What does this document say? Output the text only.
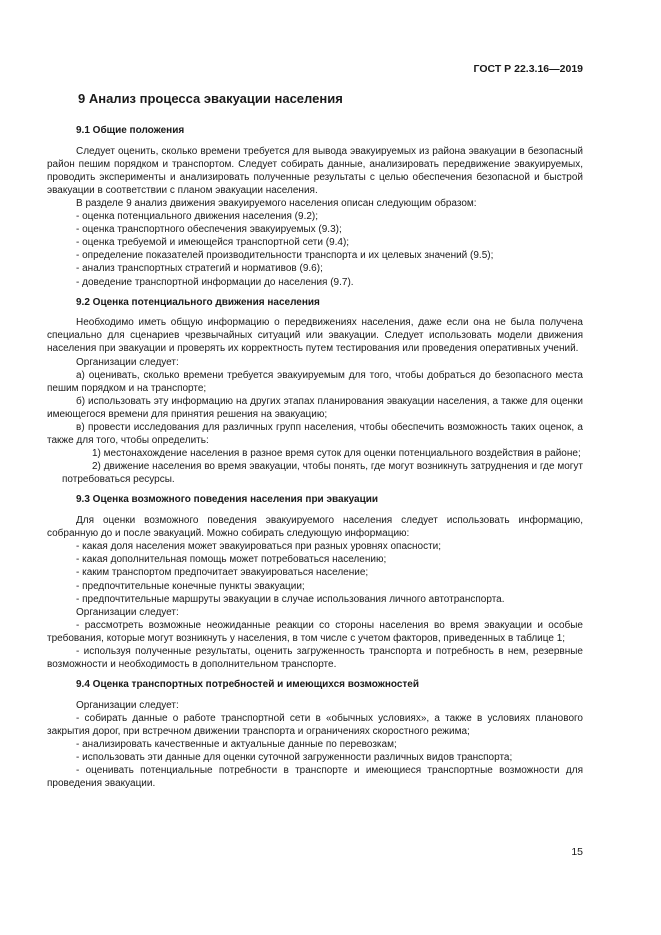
ГОСТ Р 22.3.16—2019
9 Анализ процесса эвакуации населения

9.1 Общие положения

Следует оценить, сколько времени требуется для вывода эвакуируемых из района эвакуации в безопасный район пешим порядком и транспортом. Следует собирать данные, анализировать передвижение эвакуируемых, проводить эксперименты и анализировать полученные результаты с целью обеспечения безопасной и быстрой эвакуации в соответствии с планом эвакуации населения.

В разделе 9 анализ движения эвакуируемого населения описан следующим образом:

- оценка потенциального движения населения (9.2);

- оценка транспортного обеспечения эвакуируемых (9.3);

- оценка требуемой и имеющейся транспортной сети (9.4);

- определение показателей производительности транспорта и их целевых значений (9.5);

- анализ транспортных стратегий и нормативов (9.6);

- доведение транспортной информации до населения (9.7).

9.2 Оценка потенциального движения населения

Необходимо иметь общую информацию о передвижениях населения, даже если она не была получена специально для сценариев чрезвычайных ситуаций или эвакуации. Следует использовать модели движения населения при эвакуации и проверять их корректность путем тестирования или проведения оперативных учений.

Организации следует:

а) оценивать, сколько времени требуется эвакуируемым для того, чтобы добраться до безопасного места пешим порядком и на транспорте;

б) использовать эту информацию на других этапах планирования эвакуации населения, а также для оценки имеющегося времени для принятия решения на эвакуацию;

в) провести исследования для различных групп населения, чтобы обеспечить возможность таких оценок, а также для того, чтобы определить:

1) местонахождение населения в разное время суток для оценки потенциального воздействия в районе;

2) движение населения во время эвакуации, чтобы понять, где могут возникнуть затруднения и где могут потребоваться ресурсы.

9.3 Оценка возможного поведения населения при эвакуации

Для оценки возможного поведения эвакуируемого населения следует использовать информацию, собранную до и после эвакуаций. Можно собирать следующую информацию:

- какая доля населения может эвакуироваться при разных уровнях опасности;

- какая дополнительная помощь может потребоваться населению;

- каким транспортом предпочитает эвакуироваться население;

- предпочтительные конечные пункты эвакуации;

- предпочтительные маршруты эвакуации в случае использования личного автотранспорта.

Организации следует:

- рассмотреть возможные неожиданные реакции со стороны населения во время эвакуации и особые требования, которые могут возникнуть у населения, в том числе с учетом факторов, приведенных в таблице 1;

- используя полученные результаты, оценить загруженность транспорта и потребность в нем, резервные возможности и необходимость в дополнительном транспорте.

9.4 Оценка транспортных потребностей и имеющихся возможностей

Организации следует:

- собирать данные о работе транспортной сети в «обычных условиях», а также в условиях планового закрытия дорог, при встречном движении транспорта и ограничениях скоростного режима;

- анализировать качественные и актуальные данные по перевозкам;

- использовать эти данные для оценки суточной загруженности различных видов транспорта;

- оценивать потенциальные потребности в транспорте и имеющиеся транспортные возможности для проведения эвакуации.

15
